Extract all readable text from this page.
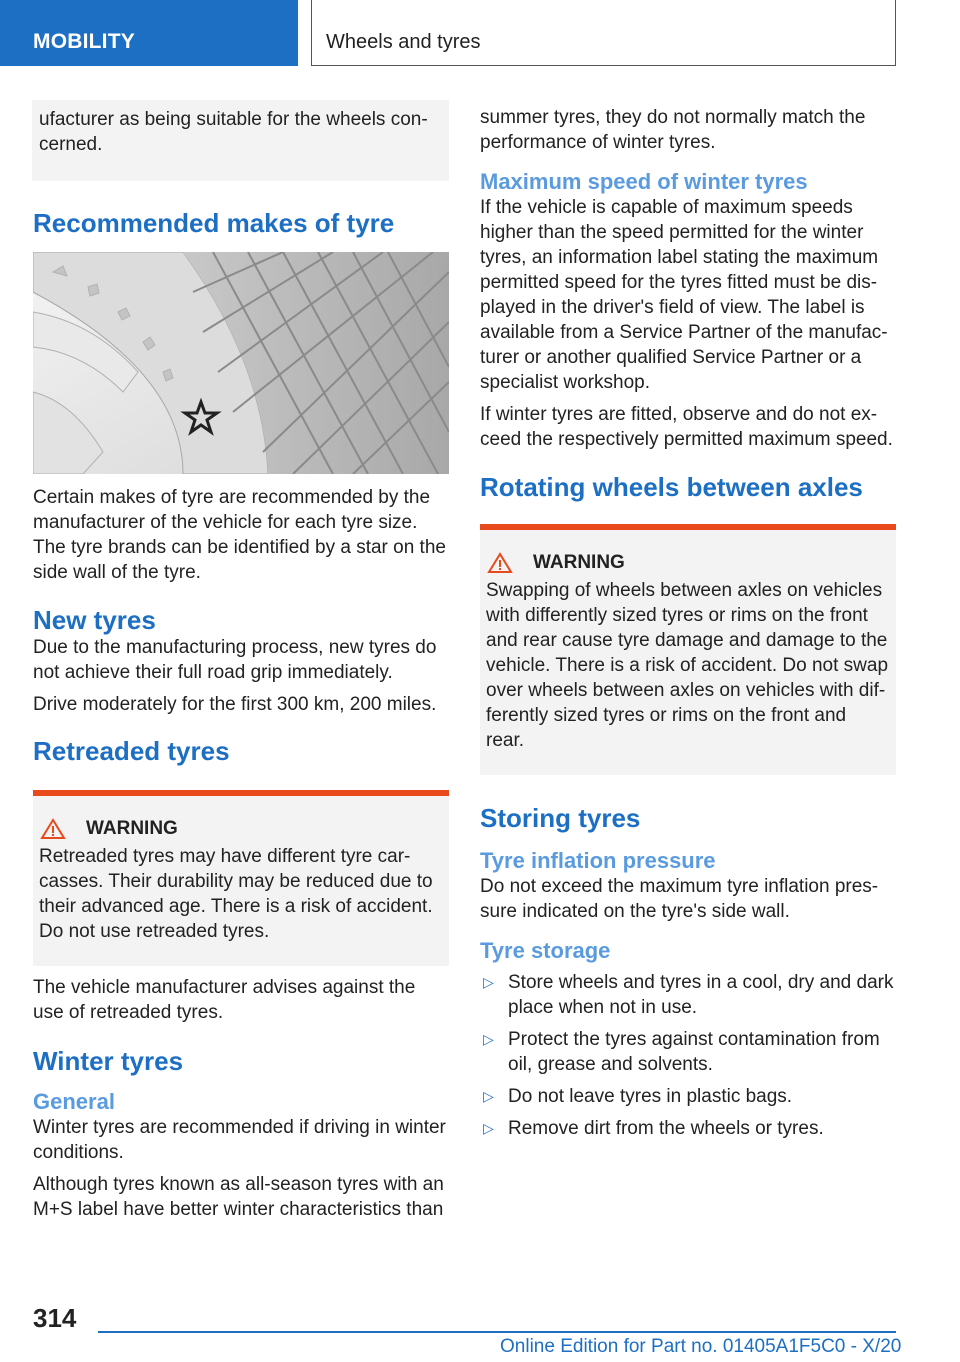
MOBILITY	Wheels and tyres

ufacturer as being suitable for the wheels con‐cerned.

Recommended makes of tyre

Certain makes of tyre are recommended by the manufacturer of the vehicle for each tyre size. The tyre brands can be identified by a star on the side wall of the tyre.

New tyres

Due to the manufacturing process, new tyres do not achieve their full road grip immediately.

Drive moderately for the first 300 km, 200 miles.

Retreaded tyres
WARNING

Retreaded tyres may have different tyre car‐casses. Their durability may be reduced due to their advanced age. There is a risk of accident. Do not use retreaded tyres.

The vehicle manufacturer advises against the use of retreaded tyres.

Winter tyres
General

Winter tyres are recommended if driving in winter conditions.

Although tyres known as all-season tyres with an M+S label have better winter characteristics than

summer tyres, they do not normally match the performance of winter tyres.

Maximum speed of winter tyres

If the vehicle is capable of maximum speeds higher than the speed permitted for the winter tyres, an information label stating the maximum permitted speed for the tyres fitted must be dis‐played in the driver's field of view. The label is available from a Service Partner of the manufac‐turer or another qualified Service Partner or a specialist workshop.

If winter tyres are fitted, observe and do not ex‐ceed the respectively permitted maximum speed.

Rotating wheels between axles
WARNING

Swapping of wheels between axles on vehicles with differently sized tyres or rims on the front and rear cause tyre damage and damage to the vehicle. There is a risk of accident. Do not swap over wheels between axles on vehicles with dif‐ferently sized tyres or rims on the front and rear.

Storing tyres
Tyre inflation pressure

Do not exceed the maximum tyre inflation pres‐sure indicated on the tyre's side wall.

Tyre storage
▷ Store wheels and tyres in a cool, dry and dark place when not in use.
▷ Protect the tyres against contamination from oil, grease and solvents.
▷ Do not leave tyres in plastic bags.
▷ Remove dirt from the wheels or tyres.
314
Online Edition for Part no. 01405A1F5C0 - X/20
